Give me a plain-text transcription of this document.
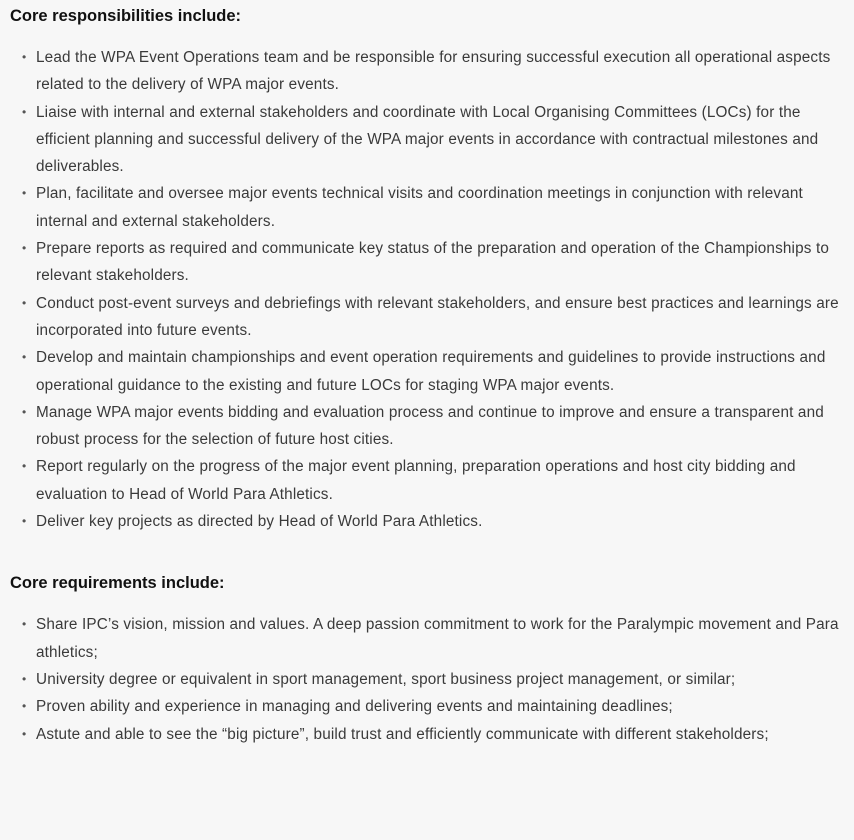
Core responsibilities include:
• Lead the WPA Event Operations team and be responsible for ensuring successful execution all operational aspects related to the delivery of WPA major events.
• Liaise with internal and external stakeholders and coordinate with Local Organising Committees (LOCs) for the efficient planning and successful delivery of the WPA major events in accordance with contractual milestones and deliverables.
• Plan, facilitate and oversee major events technical visits and coordination meetings in conjunction with relevant internal and external stakeholders.
• Prepare reports as required and communicate key status of the preparation and operation of the Championships to relevant stakeholders.
• Conduct post-event surveys and debriefings with relevant stakeholders, and ensure best practices and learnings are incorporated into future events.
• Develop and maintain championships and event operation requirements and guidelines to provide instructions and operational guidance to the existing and future LOCs for staging WPA major events.
• Manage WPA major events bidding and evaluation process and continue to improve and ensure a transparent and robust process for the selection of future host cities.
• Report regularly on the progress of the major event planning, preparation operations and host city bidding and evaluation to Head of World Para Athletics.
• Deliver key projects as directed by Head of World Para Athletics.
Core requirements include:
• Share IPC’s vision, mission and values. A deep passion commitment to work for the Paralympic movement and Para athletics;
• University degree or equivalent in sport management, sport business project management, or similar;
• Proven ability and experience in managing and delivering events and maintaining deadlines;
• Astute and able to see the “big picture”, build trust and efficiently communicate with different stakeholders;
